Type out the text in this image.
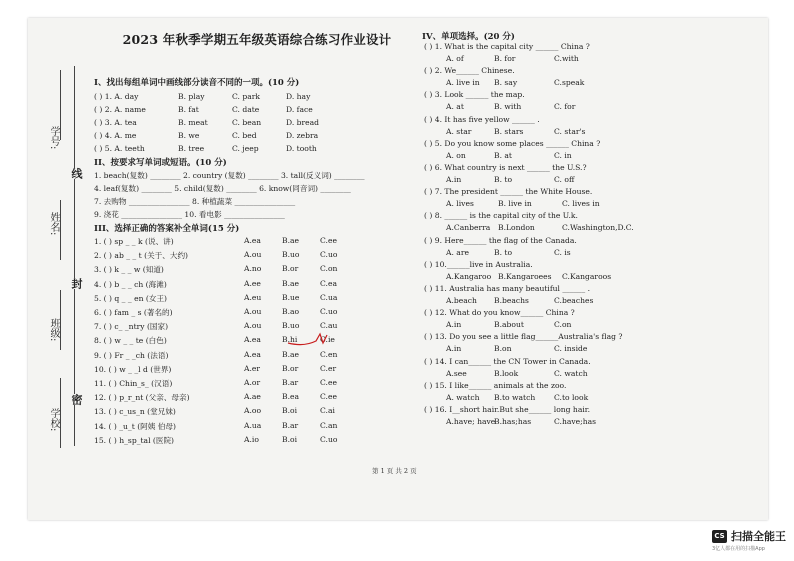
学号:
姓名:
班级:
学校:
线
封
密
2023 年秋季学期五年级英语综合练习作业设计
I、找出每组单词中画线部分读音不同的一项。(10 分)
( ) 1. A. day	B. play	C. park	D. hay
( ) 2. A. name	B. fat	C. date	D. face
( ) 3. A. tea	B. meat	C. bean	D. bread
( ) 4. A. me	B. we	C. bed	D. zebra
( ) 5. A. teeth	B. tree	C. jeep	D. tooth
II、按要求写单词或短语。(10 分)
1. beach(复数) ________ 2. country (复数) ________ 3. tall(反义词) ________
4. leaf(复数) ________ 5. child(复数) ________ 6. know(同音词) ________
7. 去购物 ________________ 8. 种植蔬菜 ________________
9. 浇花 ________________ 10. 看电影 ________________
III、选择正确的答案补全单词(15 分)
1. ( ) sp _ _ k (说、讲)	A.ea	B.ae	C.ee
2. ( ) ab _ _ t (关于、大约)	A.ou	B.uo	C.uo
3. ( ) k _ _ w (知道)	A.no	B.or	C.on
4. ( ) b _ _ ch (海滩)	A.ee	B.ae	C.ea
5. ( ) q _ _ en (女王)	A.eu	B.ue	C.ua
6. ( ) fam _ s (著名的)	A.ou	B.ao	C.uo
7. ( ) c_ _ntry (国家)	A.ou	B.uo	C.au
8. ( ) w _ _ te (白色)	A.ea	B.hi	C.ie
9. ( ) Fr _ _ch (法语)	A.ea	B.ae	C.en
10. ( ) w _ _l d (世界)	A.er	B.or	C.er
11. ( ) Chin_s_ (汉语)	A.or	B.ar	C.ee
12. ( ) p_r_nt (父亲、母亲)	A.ae	B.ea	C.ee
13. ( ) c_us_n (堂兄妹)	A.oo	B.oi	C.ai
14. ( ) _u_t (阿姨 伯母)	A.ua	B.ar	C.an
15. ( ) h_sp_tal (医院)	A.io	B.oi	C.uo
IV、单项选择。(20 分)
( ) 1. What is the capital city ______ China ?
A. of	B. for	C.with
( ) 2. We______ Chinese.
A. live in B. say	C.speak
( ) 3. Look ______ the map.
A. at	B. with	C. for
( ) 4. It has five yellow ______ .
A. star	B. stars	C. star's
( ) 5. Do you know some places ______ China ?
A. on	B. at	C. in
( ) 6. What country is next ______ the U.S.?
A.in	B. to	C. off
( ) 7. The president ______ the White House.
A. lives	B. live in	C. lives in
( ) 8. ______ is the capital city of the U.k.
A.Canberra B.London	C.Washington,D.C.
( ) 9. Here______ the flag of the Canada.
A. are	B. to	C. is
( ) 10.______live in Australia.
A.Kangaroo B.Kangaroees C.Kangaroos
( ) 11. Australia has many beautiful ______ .
A.beach B.beachs	C.beaches
( ) 12. What do you know______ China ?
A.in	B.about	C.on
( ) 13. Do you see a little flag______Australia's flag ?
A.in	B.on	C. inside
( ) 14. I can______ the CN Tower in Canada.
A.see	B.look	C. watch
( ) 15. I like______ animals at the zoo.
A. watch B.to watch C.to look
( ) 16. I__short hair.But she______ long hair.
A.have; have
B.has;has	C.have;has
第 1 页 共 2 页
CS 扫描全能王
3亿人都在用的扫描App
